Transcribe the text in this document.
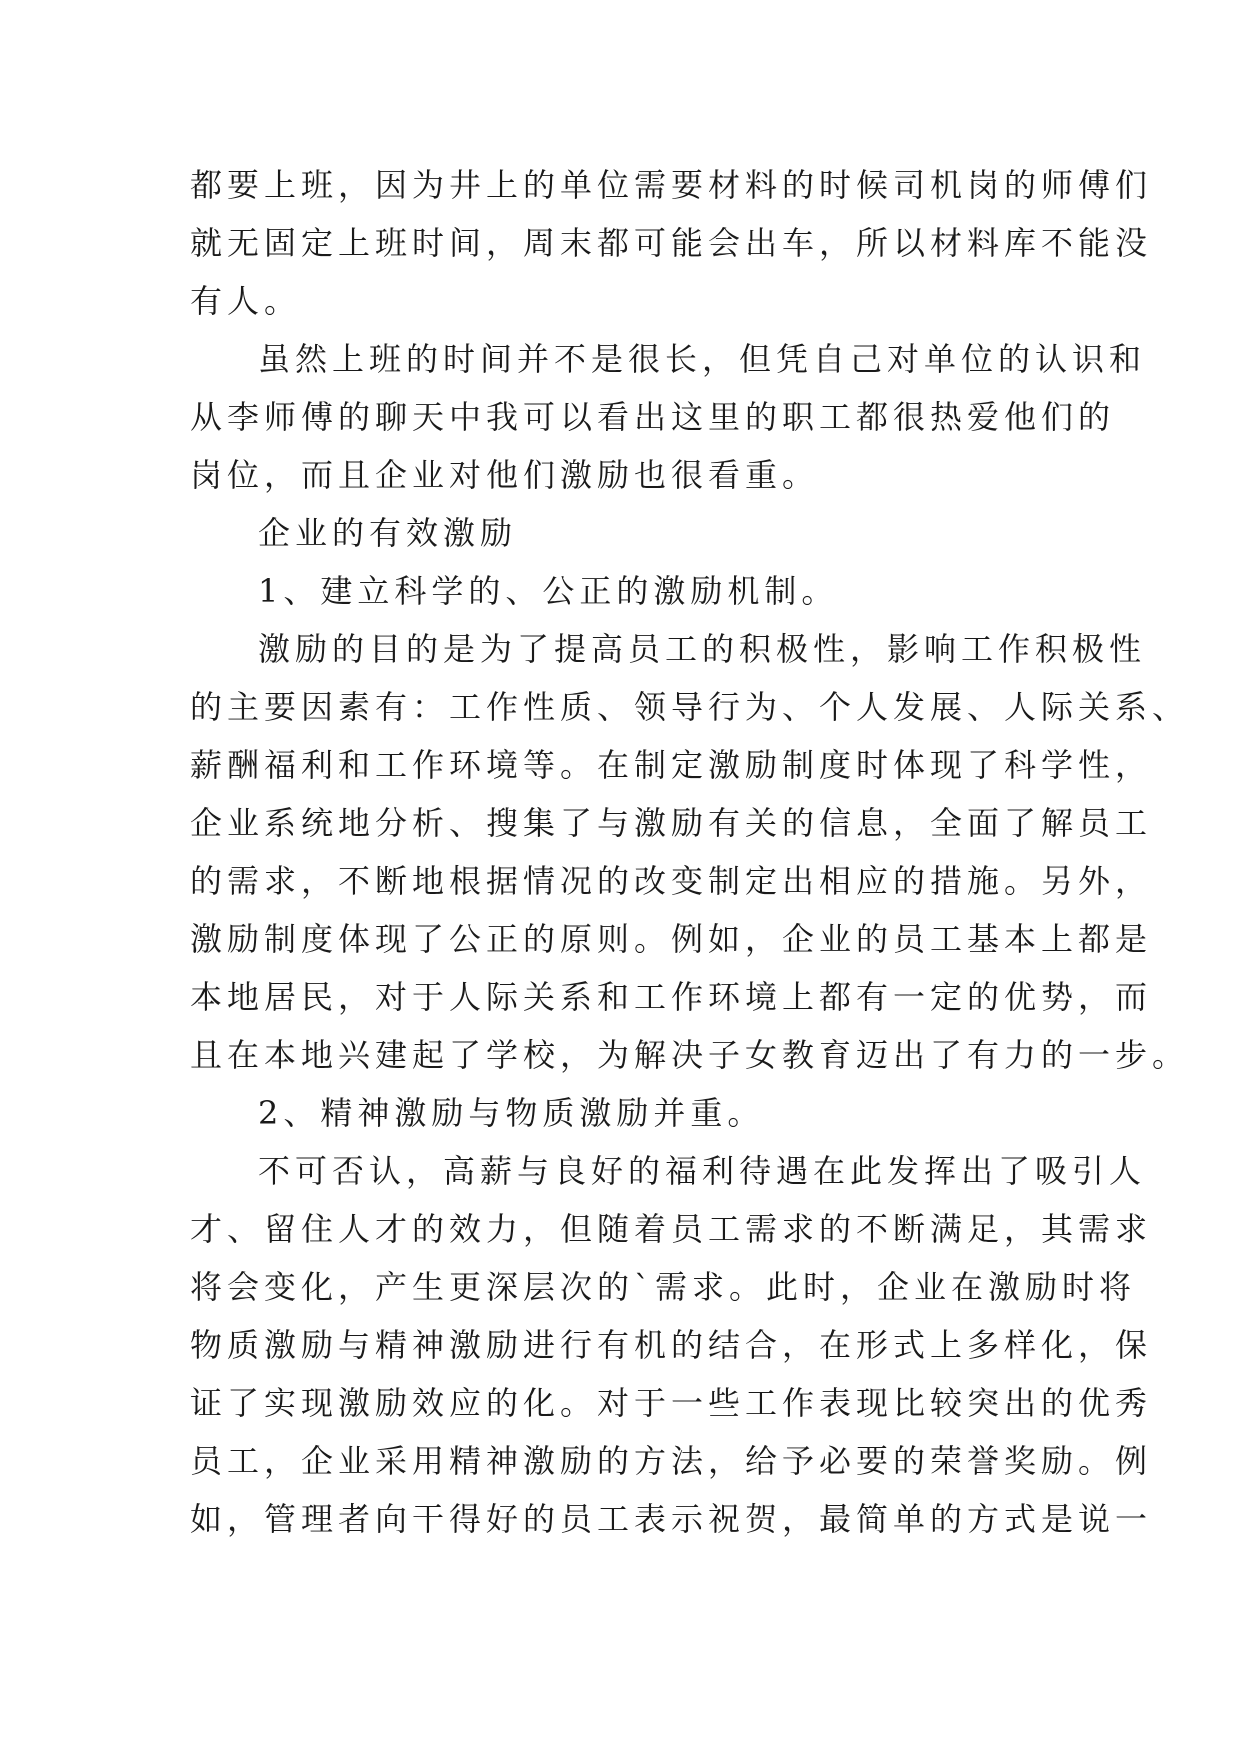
都要上班，因为井上的单位需要材料的时候司机岗的师傅们
就无固定上班时间，周末都可能会出车，所以材料库不能没
有人。
虽然上班的时间并不是很长，但凭自己对单位的认识和
从李师傅的聊天中我可以看出这里的职工都很热爱他们的
岗位，而且企业对他们激励也很看重。
企业的有效激励
1、建立科学的、公正的激励机制。
激励的目的是为了提高员工的积极性，影响工作积极性
的主要因素有：工作性质、领导行为、个人发展、人际关系、
薪酬福利和工作环境等。在制定激励制度时体现了科学性，
企业系统地分析、搜集了与激励有关的信息，全面了解员工
的需求，不断地根据情况的改变制定出相应的措施。另外，
激励制度体现了公正的原则。例如，企业的员工基本上都是
本地居民，对于人际关系和工作环境上都有一定的优势，而
且在本地兴建起了学校，为解决子女教育迈出了有力的一步。
2、精神激励与物质激励并重。
不可否认，高薪与良好的福利待遇在此发挥出了吸引人
才、留住人才的效力，但随着员工需求的不断满足，其需求
将会变化，产生更深层次的`需求。此时，企业在激励时将
物质激励与精神激励进行有机的结合，在形式上多样化，保
证了实现激励效应的化。对于一些工作表现比较突出的优秀
员工，企业采用精神激励的方法，给予必要的荣誉奖励。例
如，管理者向干得好的员工表示祝贺，最简单的方式是说一
